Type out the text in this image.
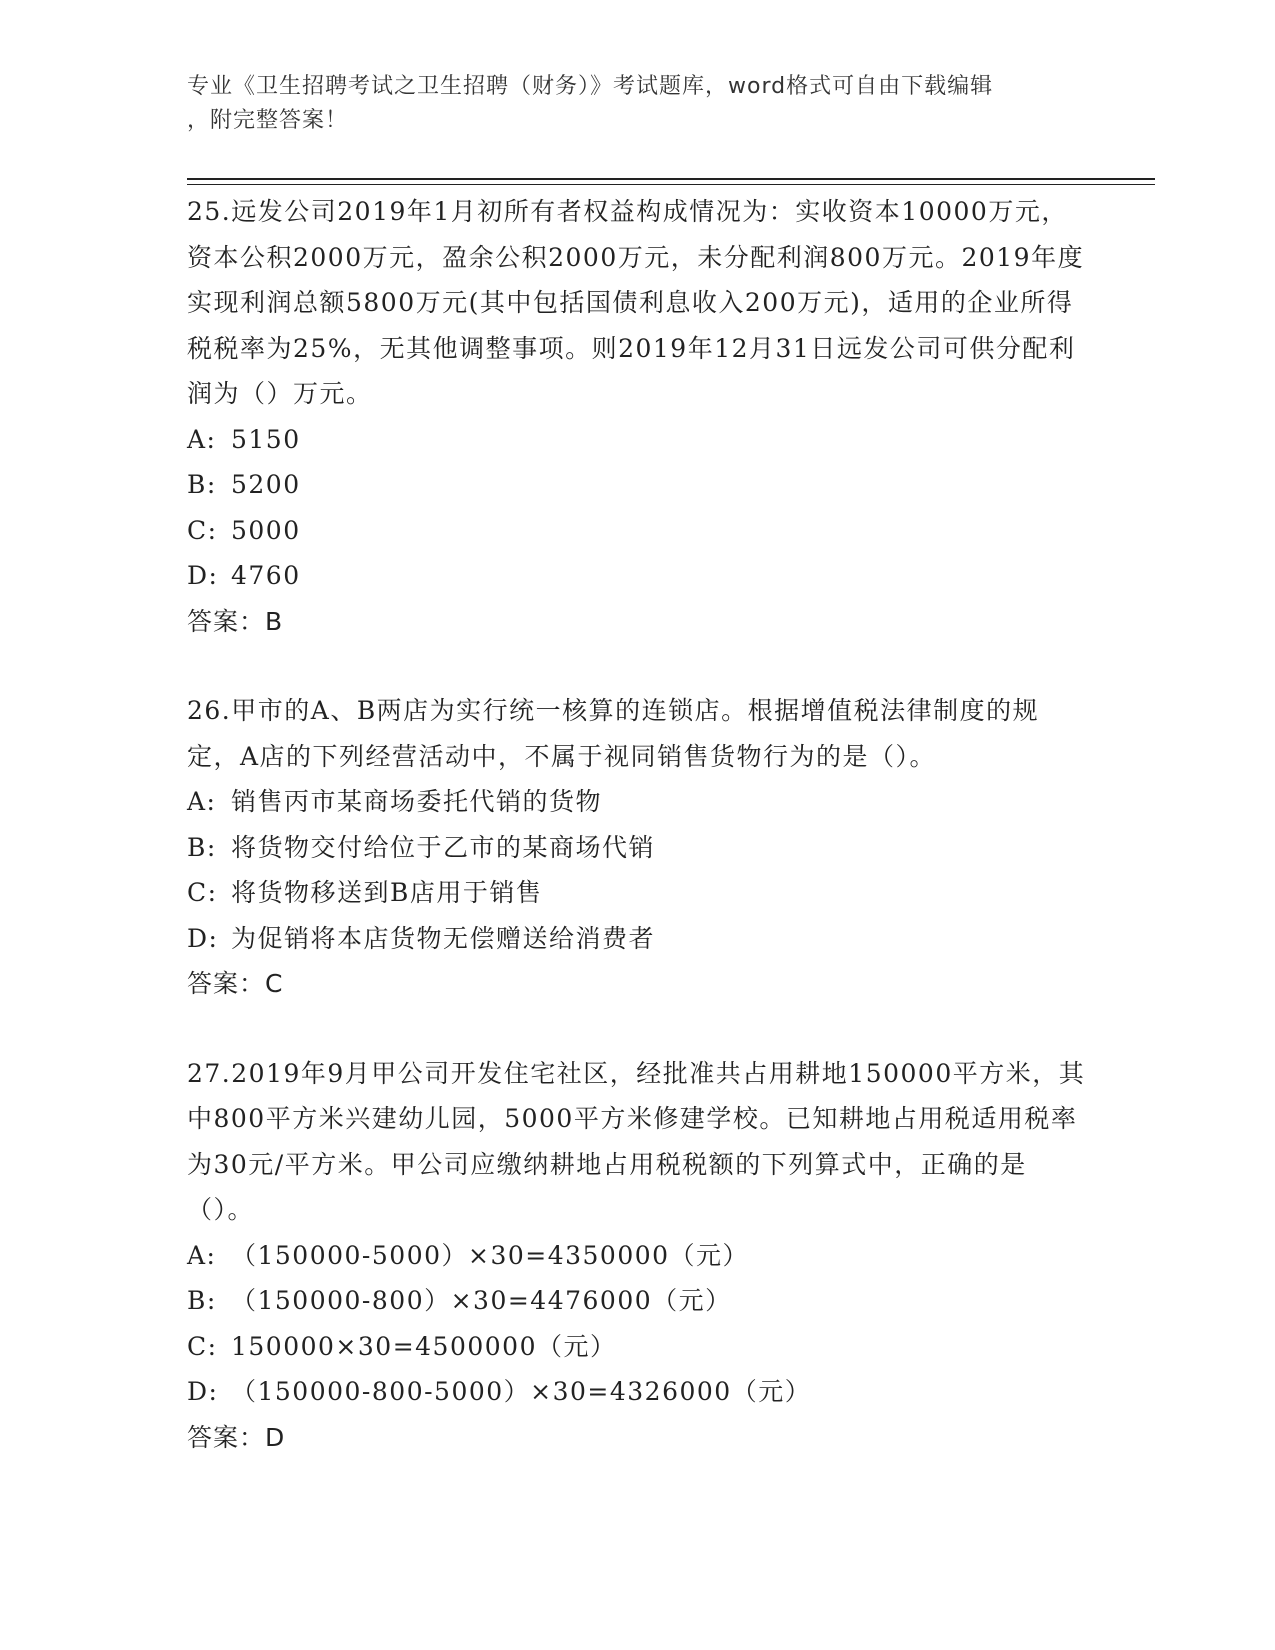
专业《卫生招聘考试之卫生招聘（财务）》考试题库，word格式可自由下载编辑
，附完整答案！

25.远发公司2019年1月初所有者权益构成情况为：实收资本10000万元，资本公积2000万元，盈余公积2000万元，未分配利润800万元。2019年度实现利润总额5800万元(其中包括国债利息收入200万元)，适用的企业所得税税率为25%，无其他调整事项。则2019年12月31日远发公司可供分配利润为（）万元。

A: 5150
B: 5200
C: 5000
D: 4760

答案：B

26.甲市的A、B两店为实行统一核算的连锁店。根据增值税法律制度的规定，A店的下列经营活动中，不属于视同销售货物行为的是（）。

A: 销售丙市某商场委托代销的货物
B: 将货物交付给位于乙市的某商场代销
C: 将货物移送到B店用于销售
D: 为促销将本店货物无偿赠送给消费者

答案：C

27.2019年9月甲公司开发住宅社区，经批准共占用耕地150000平方米，其中800平方米兴建幼儿园，5000平方米修建学校。已知耕地占用税适用税率为30元/平方米。甲公司应缴纳耕地占用税税额的下列算式中，正确的是（）。

A: （150000-5000）×30=4350000（元）
B: （150000-800）×30=4476000（元）
C: 150000×30=4500000（元）
D: （150000-800-5000）×30=4326000（元）

答案：D
